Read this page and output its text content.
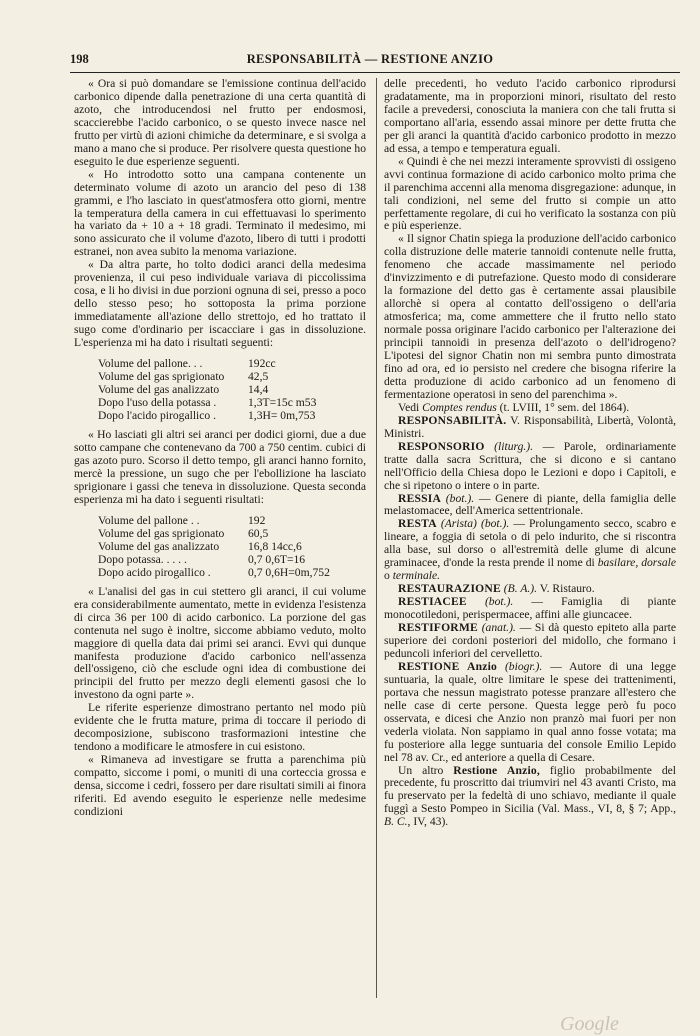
198	RESPONSABILITÀ — RESTIONE ANZIO

« Ora si può domandare se l'emissione continua dell'acido carbonico dipende dalla penetrazione di una certa quantità di azoto, che introducendosi nel frutto per endosmosi, scaccierebbe l'acido carbonico, o se questo invece nasce nel frutto per virtù di azioni chimiche da determinare, e si svolga a mano a mano che si produce. Per risolvere questa questione ho eseguito le due esperienze seguenti.

« Ho introdotto sotto una campana contenente un determinato volume di azoto un arancio del peso di 138 grammi, e l'ho lasciato in quest'atmosfera otto giorni, mentre la temperatura della camera in cui effettuavasi lo sperimento ha variato da + 10 a + 18 gradi. Terminato il medesimo, mi sono assicurato che il volume d'azoto, libero di tutti i prodotti estranei, non avea subito la menoma variazione.

« Da altra parte, ho tolto dodici aranci della medesima provenienza, il cui peso individuale variava di piccolissima cosa, e li ho divisi in due porzioni ognuna di sei, presso a poco dello stesso peso; ho sottoposta la prima porzione immediatamente all'azione dello strettojo, ed ho trattato il sugo come d'ordinario per iscacciare i gas in dissoluzione. L'esperienza mi ha dato i risultati seguenti:

Volume del pallone. . .	192cc
Volume del gas sprigionato	42,5
Volume del gas analizzato	14,4
Dopo l'uso della potassa .	1,3T=15c m53
Dopo l'acido pirogallico .	1,3H= 0m,753

« Ho lasciati gli altri sei aranci per dodici giorni, due a due sotto campane che contenevano da 700 a 750 centim. cubici di gas azoto puro. Scorso il detto tempo, gli aranci hanno fornito, mercè la pressione, un sugo che per l'ebollizione ha lasciato sprigionare i gassi che teneva in dissoluzione. Questa seconda esperienza mi ha dato i seguenti risultati:

Volume del pallone . .	192
Volume del gas sprigionato	60,5
Volume del gas analizzato	16,8 14cc,6
Dopo potassa. . . . .	0,7 0,6T=16
Dopo acido pirogallico .	0,7 0,6H=0m,752

« L'analisi del gas in cui stettero gli aranci, il cui volume era considerabilmente aumentato, mette in evidenza l'esistenza di circa 36 per 100 di acido carbonico. La porzione del gas contenuta nel sugo è inoltre, siccome abbiamo veduto, molto maggiore di quella data dai primi sei aranci. Evvi qui dunque manifesta produzione d'acido carbonico nell'assenza dell'ossigeno, ciò che esclude ogni idea di combustione dei principii del frutto per mezzo degli elementi gasosi che lo investono da ogni parte ».

Le riferite esperienze dimostrano pertanto nel modo più evidente che le frutta mature, prima di toccare il periodo di decomposizione, subiscono trasformazioni intestine che tendono a modificare le atmosfere in cui esistono.

« Rimaneva ad investigare se frutta a parenchima più compatto, siccome i pomi, o muniti di una corteccia grossa e densa, siccome i cedri, fossero per dare risultati simili ai finora riferiti. Ed avendo eseguito le esperienze nelle medesime condizioni

delle precedenti, ho veduto l'acido carbonico riprodursi gradatamente, ma in proporzioni minori, risultato del resto facile a prevedersi, conosciuta la maniera con che tali frutta si comportano all'aria, essendo assai minore per dette frutta che per gli aranci la quantità d'acido carbonico prodotto in mezzo ad essa, a tempo e temperatura eguali.

« Quindi è che nei mezzi interamente sprovvisti di ossigeno avvi continua formazione di acido carbonico molto prima che il parenchima accenni alla menoma disgregazione: adunque, in tali condizioni, nel seme del frutto si compie un atto perfettamente regolare, di cui ho verificato la sostanza con più e più esperienze.

« Il signor Chatin spiega la produzione dell'acido carbonico colla distruzione delle materie tannoidi contenute nelle frutta, fenomeno che accade massimamente nel periodo d'invizzimento e di putrefazione. Questo modo di considerare la formazione del detto gas è certamente assai plausibile allorchè si opera al contatto dell'ossigeno o dell'aria atmosferica; ma, come ammettere che il frutto nello stato normale possa originare l'acido carbonico per l'alterazione dei principii tannoidi in presenza dell'azoto o dell'idrogeno? L'ipotesi del signor Chatin non mi sembra punto dimostrata fino ad ora, ed io persisto nel credere che bisogna riferire la detta produzione di acido carbonico ad un fenomeno di fermentazione operatosi in seno del parenchima ».

Vedi Comptes rendus (t. LVIII, 1° sem. del 1864).

RESPONSABILITÀ. V. Risponsabilità, Libertà, Volontà, Ministri.

RESPONSORIO (liturg.). — Parole, ordinariamente tratte dalla sacra Scrittura, che si dicono e si cantano nell'Officio della Chiesa dopo le Lezioni e dopo i Capitoli, e che si ripetono o intere o in parte.

RESSIA (bot.). — Genere di piante, della famiglia delle melastomacee, dell'America settentrionale.

RESTA (Arista) (bot.). — Prolungamento secco, scabro e lineare, a foggia di setola o di pelo indurito, che si riscontra alla base, sul dorso o all'estremità delle glume di alcune graminacee, d'onde la resta prende il nome di basilare, dorsale o terminale.

RESTAURAZIONE (B. A.). V. Ristauro.

RESTIACEE (bot.). — Famiglia di piante monocotiledoni, perispermacee, affini alle giuncacee.

RESTIFORME (anat.). — Si dà questo epiteto alla parte superiore dei cordoni posteriori del midollo, che formano i peduncoli inferiori del cervelletto.

RESTIONE Anzio (biogr.). — Autore di una legge suntuaria, la quale, oltre limitare le spese dei trattenimenti, portava che nessun magistrato potesse pranzare all'estero che nelle case di certe persone. Questa legge però fu poco osservata, e dicesi che Anzio non pranzò mai fuori per non vederla violata. Non sappiamo in qual anno fosse votata; ma fu posteriore alla legge suntuaria del console Emilio Lepido nel 78 av. Cr., ed anteriore a quella di Cesare.

Un altro Restione Anzio, figlio probabilmente del precedente, fu proscritto dai triumviri nel 43 avanti Cristo, ma fu preservato per la fedeltà di uno schiavo, mediante il quale fuggì a Sesto Pompeo in Sicilia (Val. Mass., VI, 8, § 7; App., B. C., IV, 43).

Google
